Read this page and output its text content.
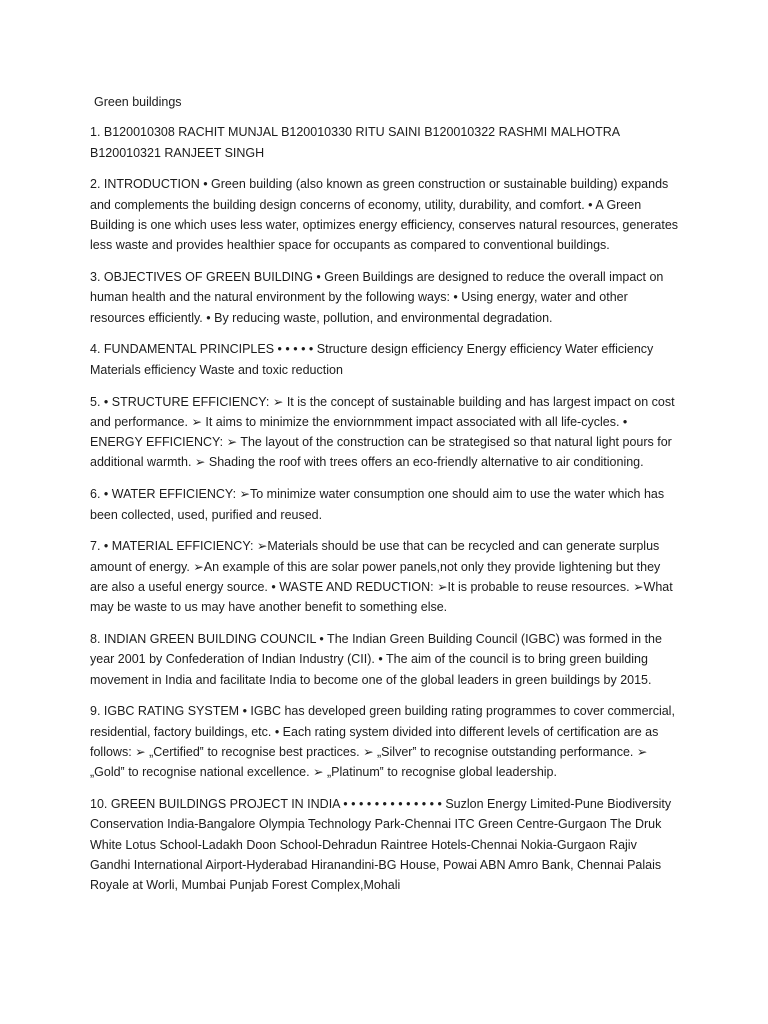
Green buildings

1. B120010308 RACHIT MUNJAL B120010330 RITU SAINI B120010322 RASHMI MALHOTRA B120010321 RANJEET SINGH

2. INTRODUCTION • Green building (also known as green construction or sustainable building) expands and complements the building design concerns of economy, utility, durability, and comfort. • A Green Building is one which uses less water, optimizes energy efficiency, conserves natural resources, generates less waste and provides healthier space for occupants as compared to conventional buildings.

3. OBJECTIVES OF GREEN BUILDING • Green Buildings are designed to reduce the overall impact on human health and the natural environment by the following ways: • Using energy, water and other resources efficiently. • By reducing waste, pollution, and environmental degradation.

4. FUNDAMENTAL PRINCIPLES • • • • • Structure design efficiency Energy efficiency Water efficiency Materials efficiency Waste and toxic reduction

5. • STRUCTURE EFFICIENCY: ➢ It is the concept of sustainable building and has largest impact on cost and performance. ➢ It aims to minimize the enviornmment impact associated with all life-cycles. • ENERGY EFFICIENCY: ➢ The layout of the construction can be strategised so that natural light pours for additional warmth. ➢ Shading the roof with trees offers an eco-friendly alternative to air conditioning.

6. • WATER EFFICIENCY: ➢To minimize water consumption one should aim to use the water which has been collected, used, purified and reused.

7. • MATERIAL EFFICIENCY: ➢Materials should be use that can be recycled and can generate surplus amount of energy. ➢An example of this are solar power panels,not only they provide lightening but they are also a useful energy source. • WASTE AND REDUCTION: ➢It is probable to reuse resources. ➢What may be waste to us may have another benefit to something else.

8. INDIAN GREEN BUILDING COUNCIL • The Indian Green Building Council (IGBC) was formed in the year 2001 by Confederation of Indian Industry (CII). • The aim of the council is to bring green building movement in India and facilitate India to become one of the global leaders in green buildings by 2015.

9. IGBC RATING SYSTEM • IGBC has developed green building rating programmes to cover commercial, residential, factory buildings, etc. • Each rating system divided into different levels of certification are as follows: ➢ „Certified‟ to recognise best practices. ➢ „Silver‟ to recognise outstanding performance. ➢ „Gold‟ to recognise national excellence. ➢ „Platinum‟ to recognise global leadership.

10. GREEN BUILDINGS PROJECT IN INDIA • • • • • • • • • • • • • Suzlon Energy Limited-Pune Biodiversity Conservation India-Bangalore Olympia Technology Park-Chennai ITC Green Centre-Gurgaon The Druk White Lotus School-Ladakh Doon School-Dehradun Raintree Hotels-Chennai Nokia-Gurgaon Rajiv Gandhi International Airport-Hyderabad Hiranandini-BG House, Powai ABN Amro Bank, Chennai Palais Royale at Worli, Mumbai Punjab Forest Complex,Mohali
